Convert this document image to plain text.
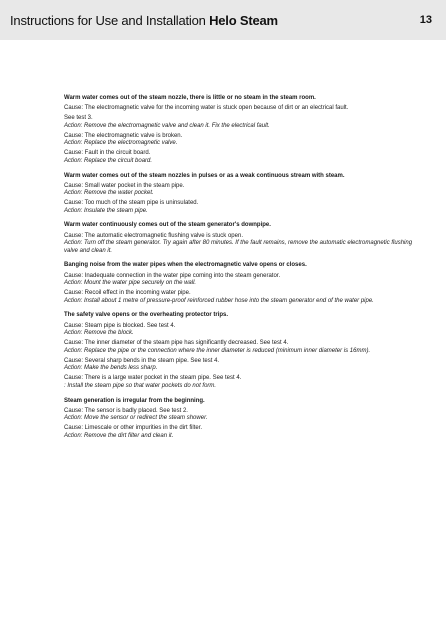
Instructions for Use and Installation Helo Steam	13
Warm water comes out of the steam nozzle, there is little or no steam in the steam room.
Cause: The electromagnetic valve for the incoming water is stuck open because of dirt or an electrical fault.
See test 3.
Action: Remove the electromagnetic valve and clean it. Fix the electrical fault.
Cause: The electromagnetic valve is broken.
Action: Replace the electromagnetic valve.
Cause: Fault in the circuit board.
Action: Replace the circuit board.
Warm water comes out of the steam nozzles in pulses or as a weak continuous stream with steam.
Cause: Small water pocket in the steam pipe.
Action: Remove the water pocket.
Cause: Too much of the steam pipe is uninsulated.
Action: Insulate the steam pipe.
Warm water continuously comes out of the steam generator's downpipe.
Cause: The automatic electromagnetic flushing valve is stuck open.
Action: Turn off the steam generator. Try again after 80 minutes. If the fault remains, remove the automatic electromagnetic flushing valve and clean it.
Banging noise from the water pipes when the electromagnetic valve opens or closes.
Cause: Inadequate connection in the water pipe coming into the steam generator.
Action: Mount the water pipe securely on the wall.
Cause: Recoil effect in the incoming water pipe.
Action: Install about 1 metre of pressure-proof reinforced rubber hose into the steam generator end of the water pipe.
The safety valve opens or the overheating protector trips.
Cause: Steam pipe is blocked. See test 4.
Action: Remove the block.
Cause: The inner diameter of the steam pipe has significantly decreased. See test 4.
Action: Replace the pipe or the connection where the inner diameter is reduced (minimum inner diameter is 16mm).
Cause: Several sharp bends in the steam pipe. See test 4.
Action: Make the bends less sharp.
Cause: There is a large water pocket in the steam pipe. See test 4.
: Install the steam pipe so that water pockets do not form.
Steam generation is irregular from the beginning.
Cause: The sensor is badly placed. See test 2.
Action: Move the sensor or redirect the steam shower.
Cause: Limescale or other impurities in the dirt filter.
Action: Remove the dirt filter and clean it.
